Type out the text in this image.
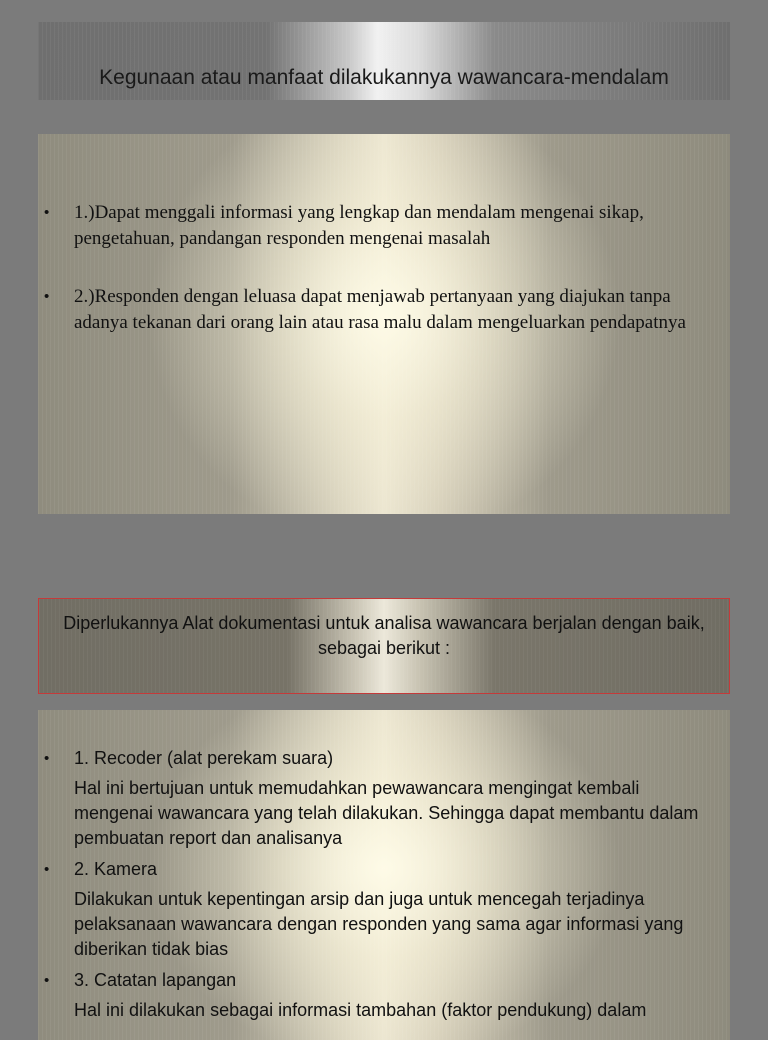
Kegunaan atau manfaat dilakukannya wawancara-mendalam
• 1.)Dapat menggali informasi yang lengkap dan mendalam mengenai sikap, pengetahuan, pandangan responden mengenai masalah
• 2.)Responden dengan leluasa dapat menjawab pertanyaan yang diajukan tanpa adanya tekanan dari orang lain atau rasa malu dalam mengeluarkan pendapatnya
Diperlukannya Alat dokumentasi untuk analisa wawancara berjalan dengan baik, sebagai berikut :
• 1. Recoder (alat perekam suara)
Hal ini bertujuan untuk memudahkan pewawancara mengingat kembali mengenai wawancara yang telah dilakukan. Sehingga dapat membantu dalam pembuatan report dan analisanya
• 2. Kamera
Dilakukan untuk kepentingan arsip dan juga untuk mencegah terjadinya pelaksanaan wawancara dengan responden yang sama agar informasi yang diberikan tidak bias
• 3. Catatan lapangan
Hal ini dilakukan sebagai informasi tambahan (faktor pendukung) dalam
